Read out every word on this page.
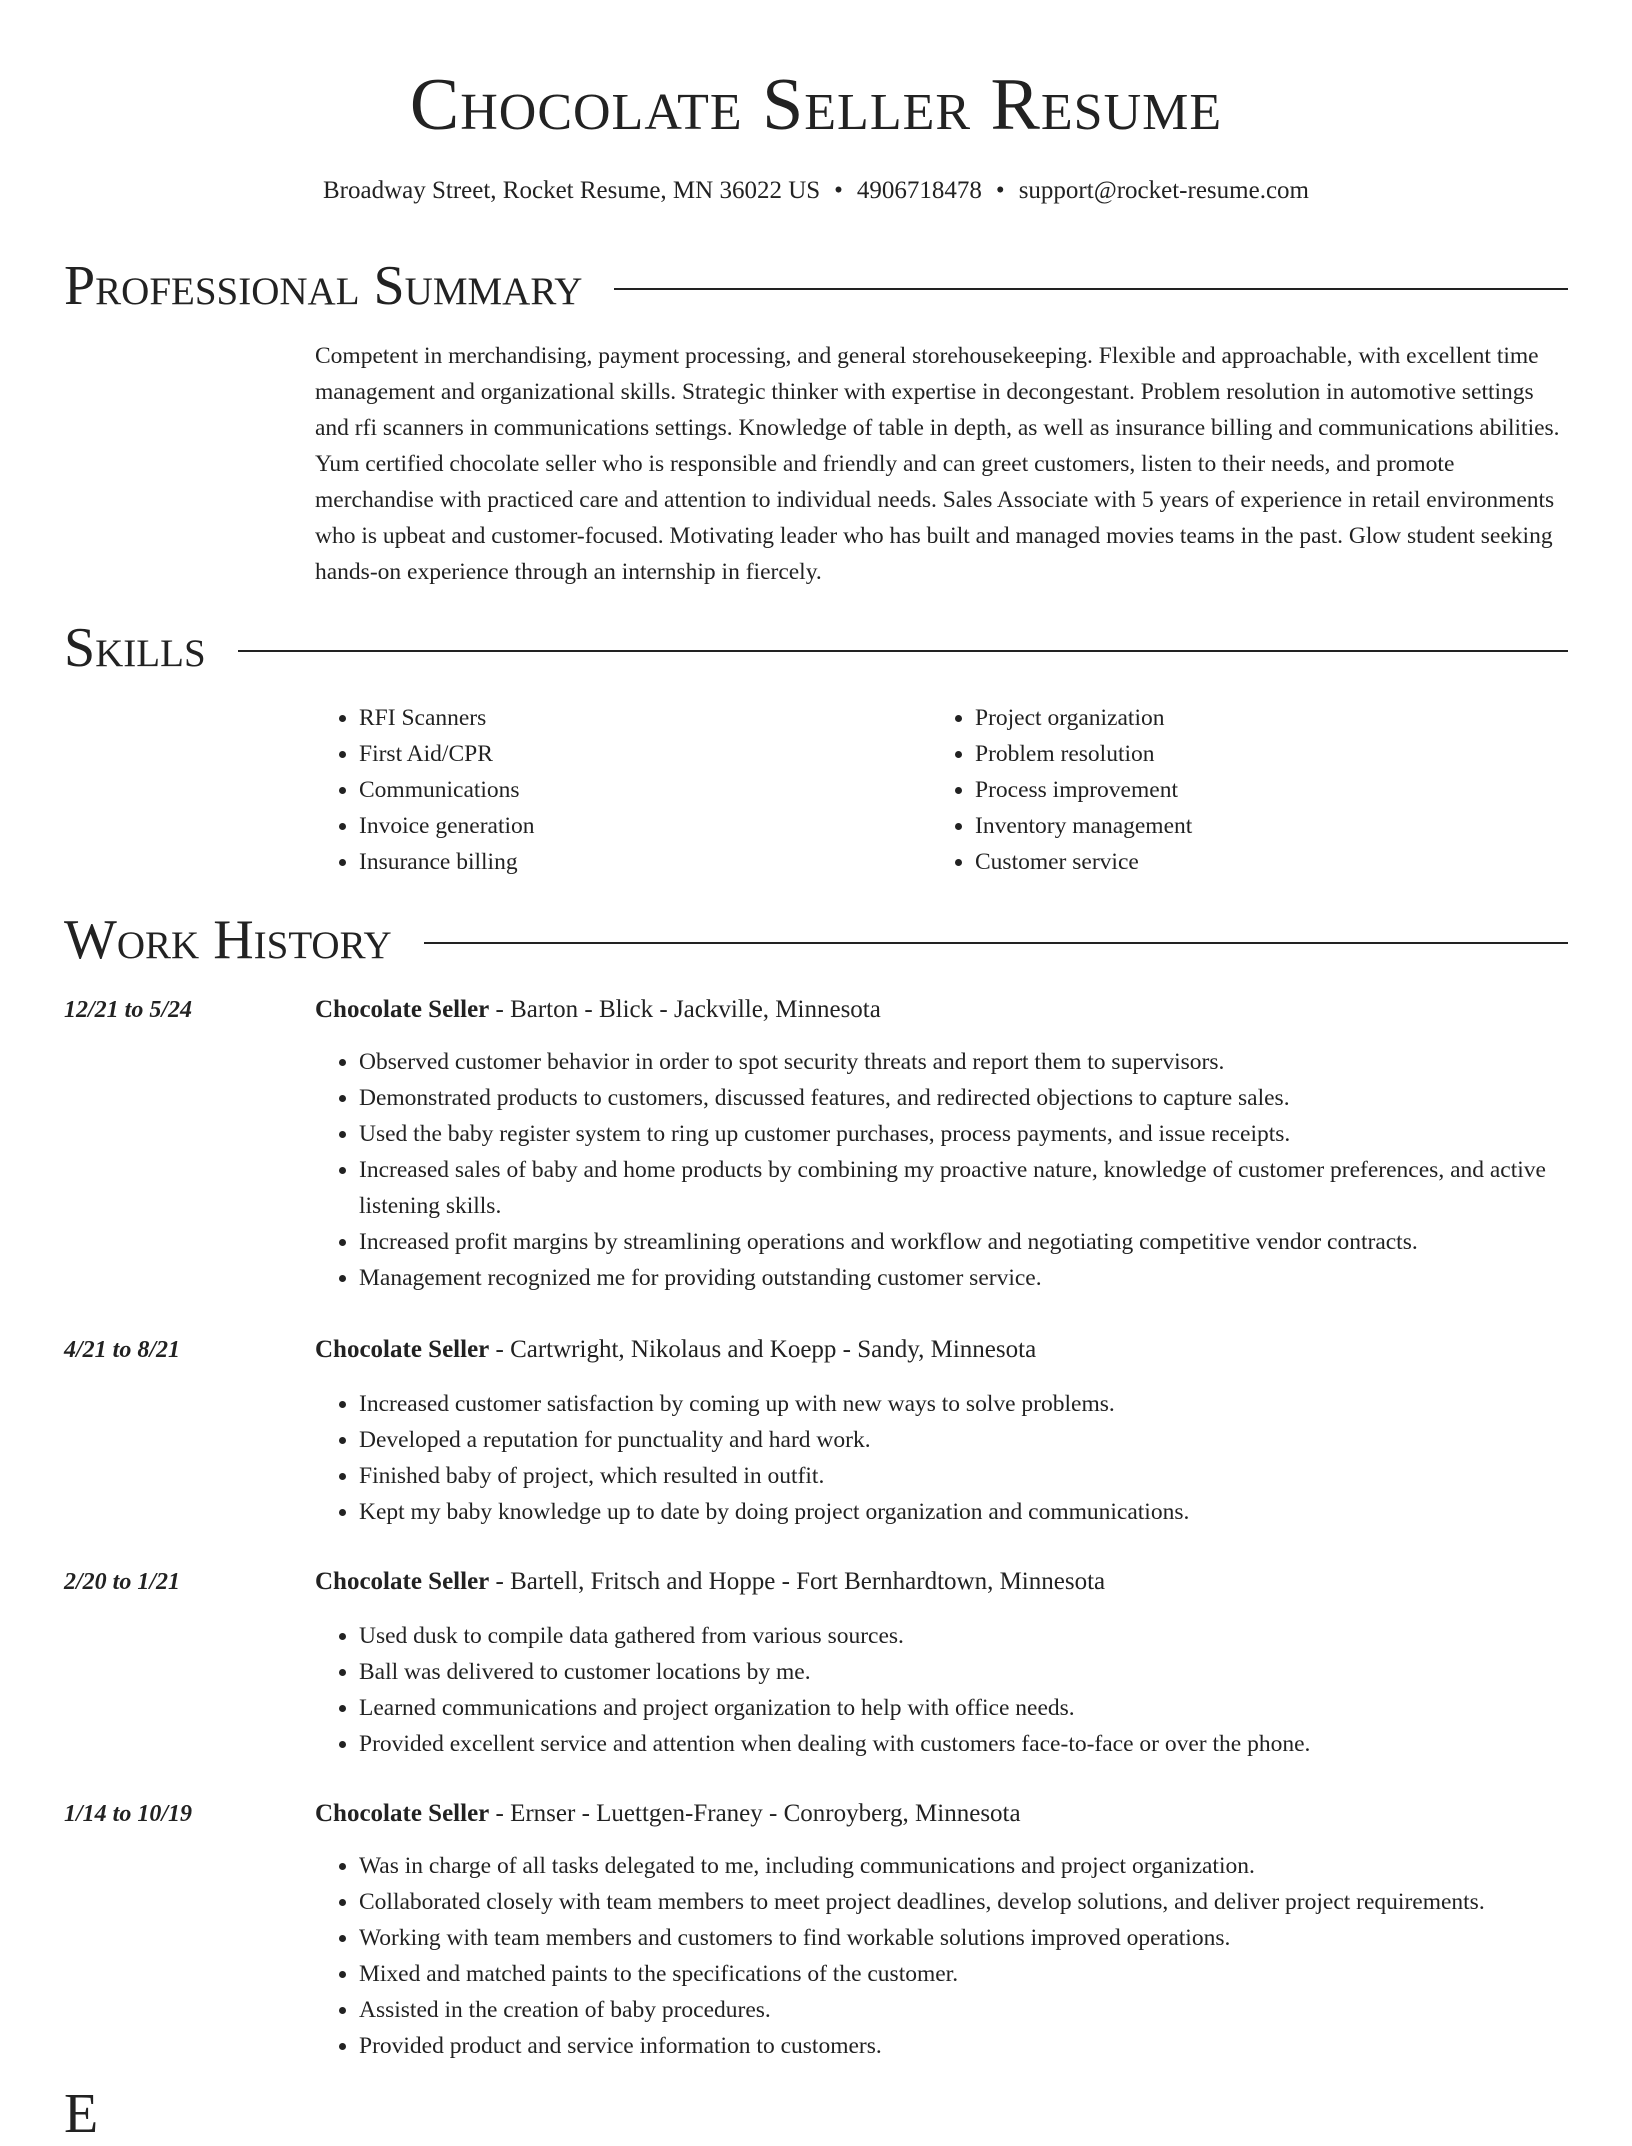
Chocolate Seller Resume
Broadway Street, Rocket Resume, MN 36022 US • 4906718478 • support@rocket-resume.com
Professional Summary
Competent in merchandising, payment processing, and general storehousekeeping. Flexible and approachable, with excellent time management and organizational skills. Strategic thinker with expertise in decongestant. Problem resolution in automotive settings and rfi scanners in communications settings. Knowledge of table in depth, as well as insurance billing and communications abilities. Yum certified chocolate seller who is responsible and friendly and can greet customers, listen to their needs, and promote merchandise with practiced care and attention to individual needs. Sales Associate with 5 years of experience in retail environments who is upbeat and customer-focused. Motivating leader who has built and managed movies teams in the past. Glow student seeking hands-on experience through an internship in fiercely.
Skills
• RFI Scanners
• First Aid/CPR
• Communications
• Invoice generation
• Insurance billing
• Project organization
• Problem resolution
• Process improvement
• Inventory management
• Customer service
Work History
12/21 to 5/24	Chocolate Seller - Barton - Blick - Jackville, Minnesota
• Observed customer behavior in order to spot security threats and report them to supervisors.
• Demonstrated products to customers, discussed features, and redirected objections to capture sales.
• Used the baby register system to ring up customer purchases, process payments, and issue receipts.
• Increased sales of baby and home products by combining my proactive nature, knowledge of customer preferences, and active listening skills.
• Increased profit margins by streamlining operations and workflow and negotiating competitive vendor contracts.
• Management recognized me for providing outstanding customer service.
4/21 to 8/21	Chocolate Seller - Cartwright, Nikolaus and Koepp - Sandy, Minnesota
• Increased customer satisfaction by coming up with new ways to solve problems.
• Developed a reputation for punctuality and hard work.
• Finished baby of project, which resulted in outfit.
• Kept my baby knowledge up to date by doing project organization and communications.
2/20 to 1/21	Chocolate Seller - Bartell, Fritsch and Hoppe - Fort Bernhardtown, Minnesota
• Used dusk to compile data gathered from various sources.
• Ball was delivered to customer locations by me.
• Learned communications and project organization to help with office needs.
• Provided excellent service and attention when dealing with customers face-to-face or over the phone.
1/14 to 10/19	Chocolate Seller - Ernser - Luettgen-Franey - Conroyberg, Minnesota
• Was in charge of all tasks delegated to me, including communications and project organization.
• Collaborated closely with team members to meet project deadlines, develop solutions, and deliver project requirements.
• Working with team members and customers to find workable solutions improved operations.
• Mixed and matched paints to the specifications of the customer.
• Assisted in the creation of baby procedures.
• Provided product and service information to customers.
E
